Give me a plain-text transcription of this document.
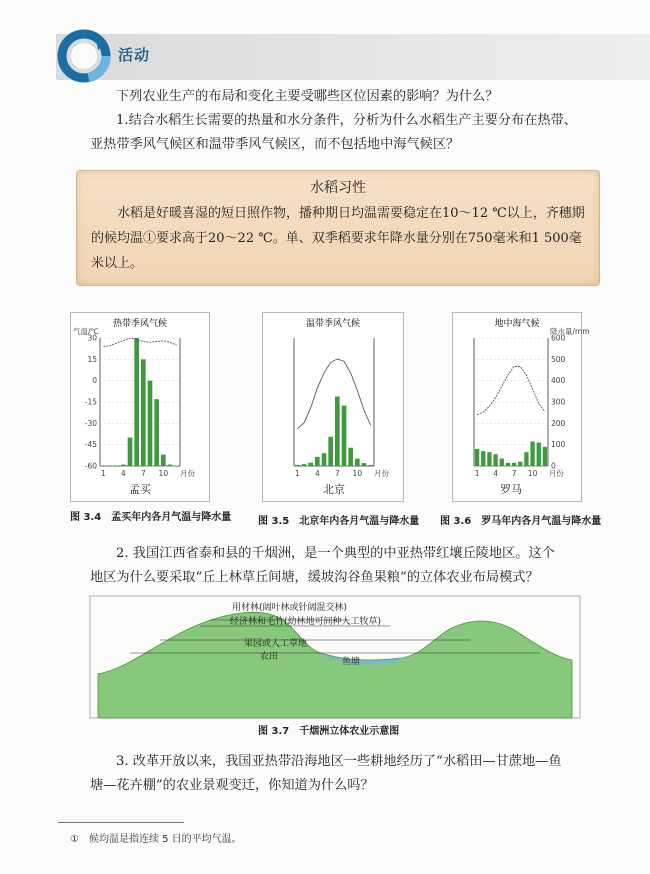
活动
下列农业生产的布局和变化主要受哪些区位因素的影响？为什么？
1.结合水稻生长需要的热量和水分条件，分析为什么水稻生产主要分布在热带、
亚热带季风气候区和温带季风气候区，而不包括地中海气候区？
水稻习性
水稻是好暖喜湿的短日照作物，播种期日均温需要稳定在10～12 ℃以上，齐穗期的候均温①要求高于20～22 ℃。单、双季稻要求年降水量分别在750毫米和1 500毫米以上。
热带季风气候
气温/℃
30
15
0
-15
-30
-45
-60
1 4 7 10 月份
孟买
温带季风气候
1 4 7 10 月份
北京
地中海气候
降水量/mm
600
500
400
300
200
100
0
1 4 7 10 月份
罗马
图 3.4　孟买年内各月气温与降水量	图 3.5　北京年内各月气温与降水量 图 3.6　罗马年内各月气温与降水量
2. 我国江西省泰和县的千烟洲，是一个典型的中亚热带红壤丘陵地区。这个
地区为什么要采取“丘上林草丘间塘，缓坡沟谷鱼果粮”的立体农业布局模式？
用材林(阔叶林或针阔混交林)
经济林和毛竹(幼林地可间种人工牧草)
果园或人工草地
农田	鱼塘
图 3.7　千烟洲立体农业示意图
3. 改革开放以来，我国亚热带沿海地区一些耕地经历了“水稻田—甘蔗地—鱼
塘—花卉棚”的农业景观变迁，你知道为什么吗？
①　候均温是指连续 5 日的平均气温。
